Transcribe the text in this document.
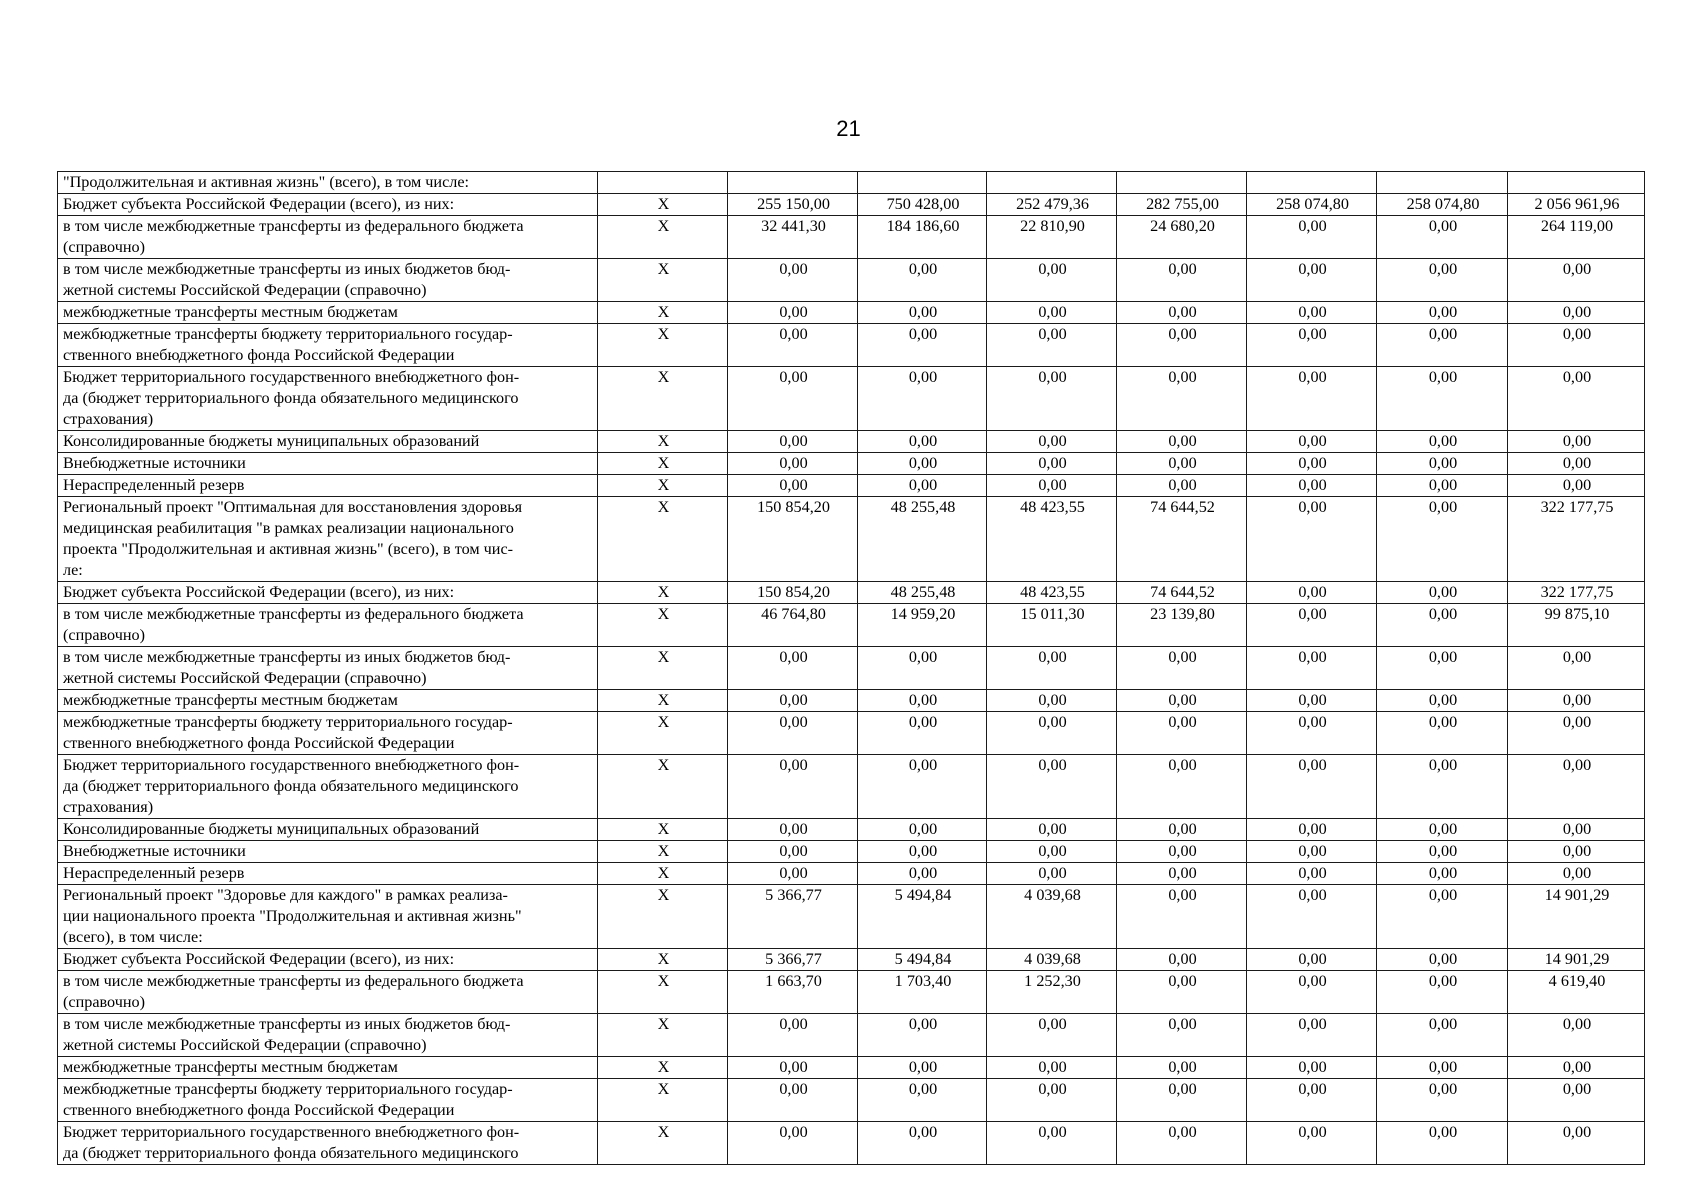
21
"Продолжительная и активная жизнь" (всего), в том числе:								
Бюджет субъекта Российской Федерации (всего), из них:	X	255 150,00	750 428,00	252 479,36	282 755,00	258 074,80	258 074,80	2 056 961,96
в том числе межбюджетные трансферты из федерального бюджета
(справочно)	X	32 441,30	184 186,60	22 810,90	24 680,20	0,00	0,00	264 119,00
в том числе межбюджетные трансферты из иных бюджетов бюд-
жетной системы Российской Федерации (справочно)	X	0,00	0,00	0,00	0,00	0,00	0,00	0,00
межбюджетные трансферты местным бюджетам	X	0,00	0,00	0,00	0,00	0,00	0,00	0,00
межбюджетные трансферты бюджету территориального государ-
ственного внебюджетного фонда Российской Федерации	X	0,00	0,00	0,00	0,00	0,00	0,00	0,00
Бюджет территориального государственного внебюджетного фон-
да (бюджет территориального фонда обязательного медицинского
страхования)	X	0,00	0,00	0,00	0,00	0,00	0,00	0,00
Консолидированные бюджеты муниципальных образований	X	0,00	0,00	0,00	0,00	0,00	0,00	0,00
Внебюджетные источники	X	0,00	0,00	0,00	0,00	0,00	0,00	0,00
Нераспределенный резерв	X	0,00	0,00	0,00	0,00	0,00	0,00	0,00
Региональный проект "Оптимальная для восстановления здоровья
медицинская реабилитация "в рамках реализации национального
проекта "Продолжительная и активная жизнь" (всего), в том чис-
ле:	X	150 854,20	48 255,48	48 423,55	74 644,52	0,00	0,00	322 177,75
Бюджет субъекта Российской Федерации (всего), из них:	X	150 854,20	48 255,48	48 423,55	74 644,52	0,00	0,00	322 177,75
в том числе межбюджетные трансферты из федерального бюджета
(справочно)	X	46 764,80	14 959,20	15 011,30	23 139,80	0,00	0,00	99 875,10
в том числе межбюджетные трансферты из иных бюджетов бюд-
жетной системы Российской Федерации (справочно)	X	0,00	0,00	0,00	0,00	0,00	0,00	0,00
межбюджетные трансферты местным бюджетам	X	0,00	0,00	0,00	0,00	0,00	0,00	0,00
межбюджетные трансферты бюджету территориального государ-
ственного внебюджетного фонда Российской Федерации	X	0,00	0,00	0,00	0,00	0,00	0,00	0,00
Бюджет территориального государственного внебюджетного фон-
да (бюджет территориального фонда обязательного медицинского
страхования)	X	0,00	0,00	0,00	0,00	0,00	0,00	0,00
Консолидированные бюджеты муниципальных образований	X	0,00	0,00	0,00	0,00	0,00	0,00	0,00
Внебюджетные источники	X	0,00	0,00	0,00	0,00	0,00	0,00	0,00
Нераспределенный резерв	X	0,00	0,00	0,00	0,00	0,00	0,00	0,00
Региональный проект "Здоровье для каждого" в рамках реализа-
ции национального проекта "Продолжительная и активная жизнь"
(всего), в том числе:	X	5 366,77	5 494,84	4 039,68	0,00	0,00	0,00	14 901,29
Бюджет субъекта Российской Федерации (всего), из них:	X	5 366,77	5 494,84	4 039,68	0,00	0,00	0,00	14 901,29
в том числе межбюджетные трансферты из федерального бюджета
(справочно)	X	1 663,70	1 703,40	1 252,30	0,00	0,00	0,00	4 619,40
в том числе межбюджетные трансферты из иных бюджетов бюд-
жетной системы Российской Федерации (справочно)	X	0,00	0,00	0,00	0,00	0,00	0,00	0,00
межбюджетные трансферты местным бюджетам	X	0,00	0,00	0,00	0,00	0,00	0,00	0,00
межбюджетные трансферты бюджету территориального государ-
ственного внебюджетного фонда Российской Федерации	X	0,00	0,00	0,00	0,00	0,00	0,00	0,00
Бюджет территориального государственного внебюджетного фон-
да (бюджет территориального фонда обязательного медицинского	X	0,00	0,00	0,00	0,00	0,00	0,00	0,00
